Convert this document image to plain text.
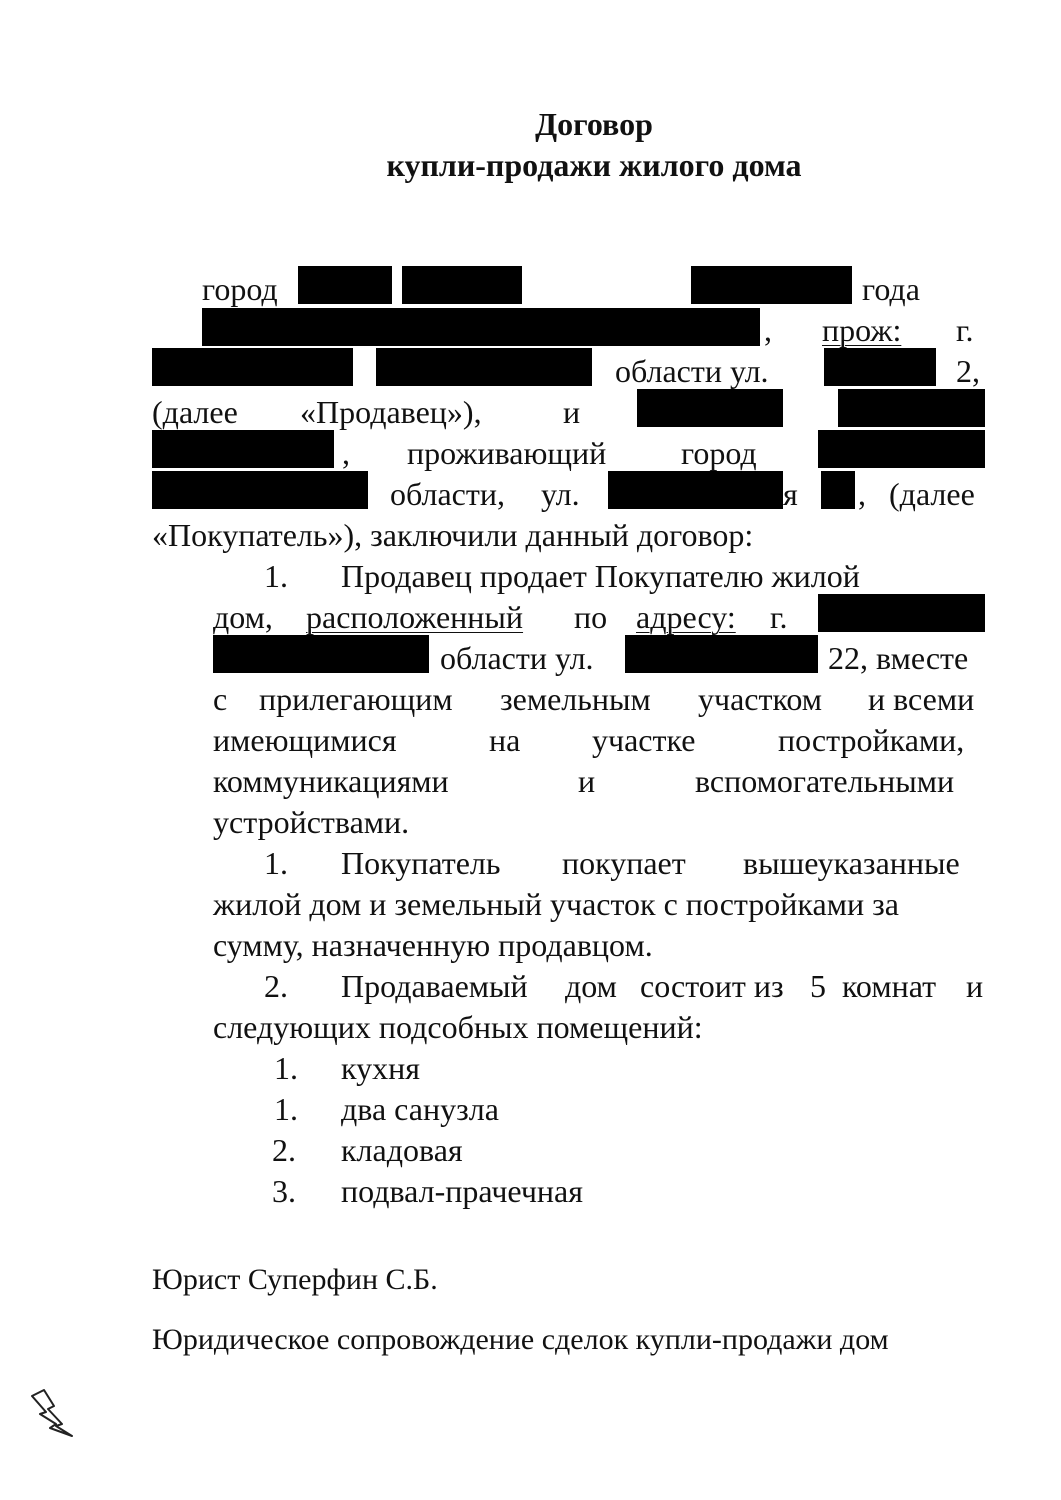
Договор
купли-продажи жилого дома
город	года
, прож: г.
области ул.	2,
(далее «Продавец»),	и
, проживающий город
области, ул.	я , (далее
«Покупатель»), заключили данный договор:
1. Продавец продает Покупателю жилой
дом, расположенный по адресу: г.
области ул.	22, вместе
с прилегающим земельным участком и всеми
имеющимися	на участке	постройками,
коммуникациями	и	вспомогательными
устройствами.
1. Покупатель покупает вышеуказанные
жилой дом и земельный участок с постройками за
сумму, назначенную продавцом.
2. Продаваемый дом состоит из 5 комнат и
следующих подсобных помещений:
1. кухня
1. два санузла
2. кладовая
3. подвал-прачечная
Юрист Суперфин С.Б.
Юридическое сопровождение сделок купли-продажи дом
